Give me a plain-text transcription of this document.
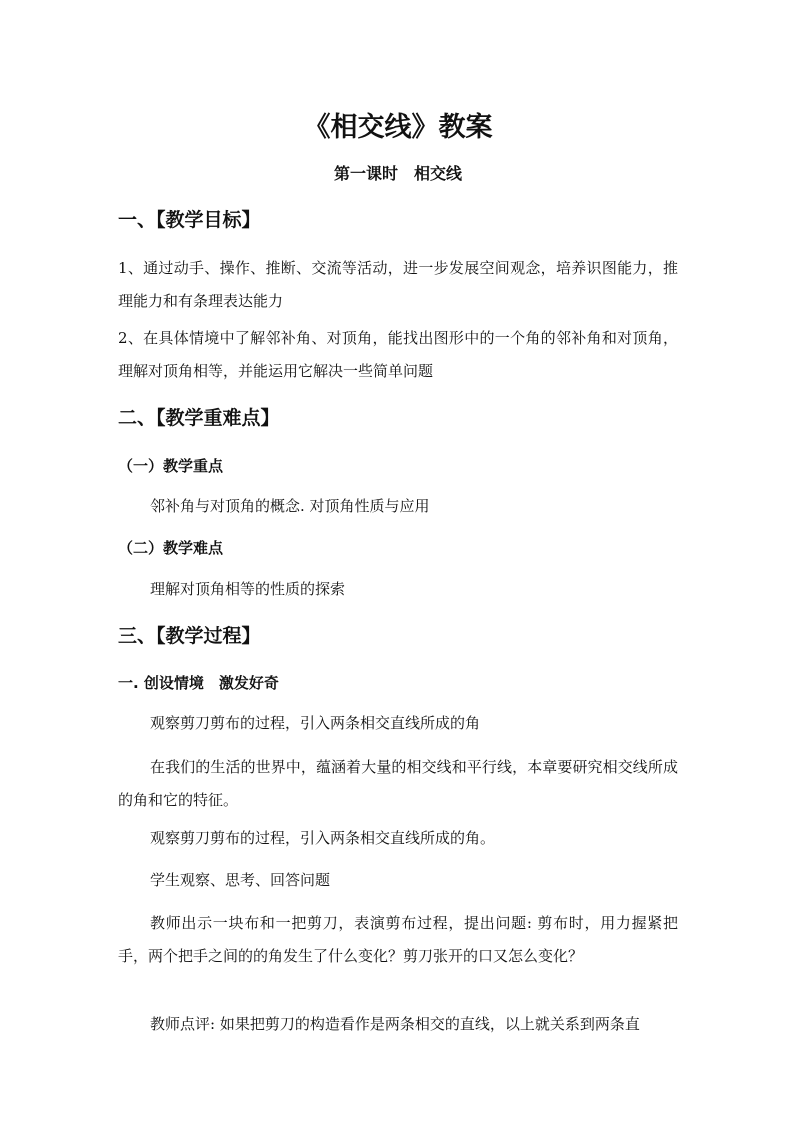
《相交线》教案
第一课时　相交线
一、【教学目标】
1、通过动手、操作、推断、交流等活动，进一步发展空间观念，培养识图能力，推理能力和有条理表达能力
2、在具体情境中了解邻补角、对顶角，能找出图形中的一个角的邻补角和对顶角，理解对顶角相等，并能运用它解决一些简单问题
二、【教学重难点】
（一）教学重点
邻补角与对顶角的概念. 对顶角性质与应用
（二）教学难点
理解对顶角相等的性质的探索
三、【教学过程】
一. 创设情境　激发好奇
观察剪刀剪布的过程，引入两条相交直线所成的角
在我们的生活的世界中，蕴涵着大量的相交线和平行线，本章要研究相交线所成的角和它的特征。
观察剪刀剪布的过程，引入两条相交直线所成的角。
学生观察、思考、回答问题
教师出示一块布和一把剪刀，表演剪布过程，提出问题: 剪布时，用力握紧把手，两个把手之间的的角发生了什么变化？剪刀张开的口又怎么变化？
教师点评: 如果把剪刀的构造看作是两条相交的直线，以上就关系到两条直
